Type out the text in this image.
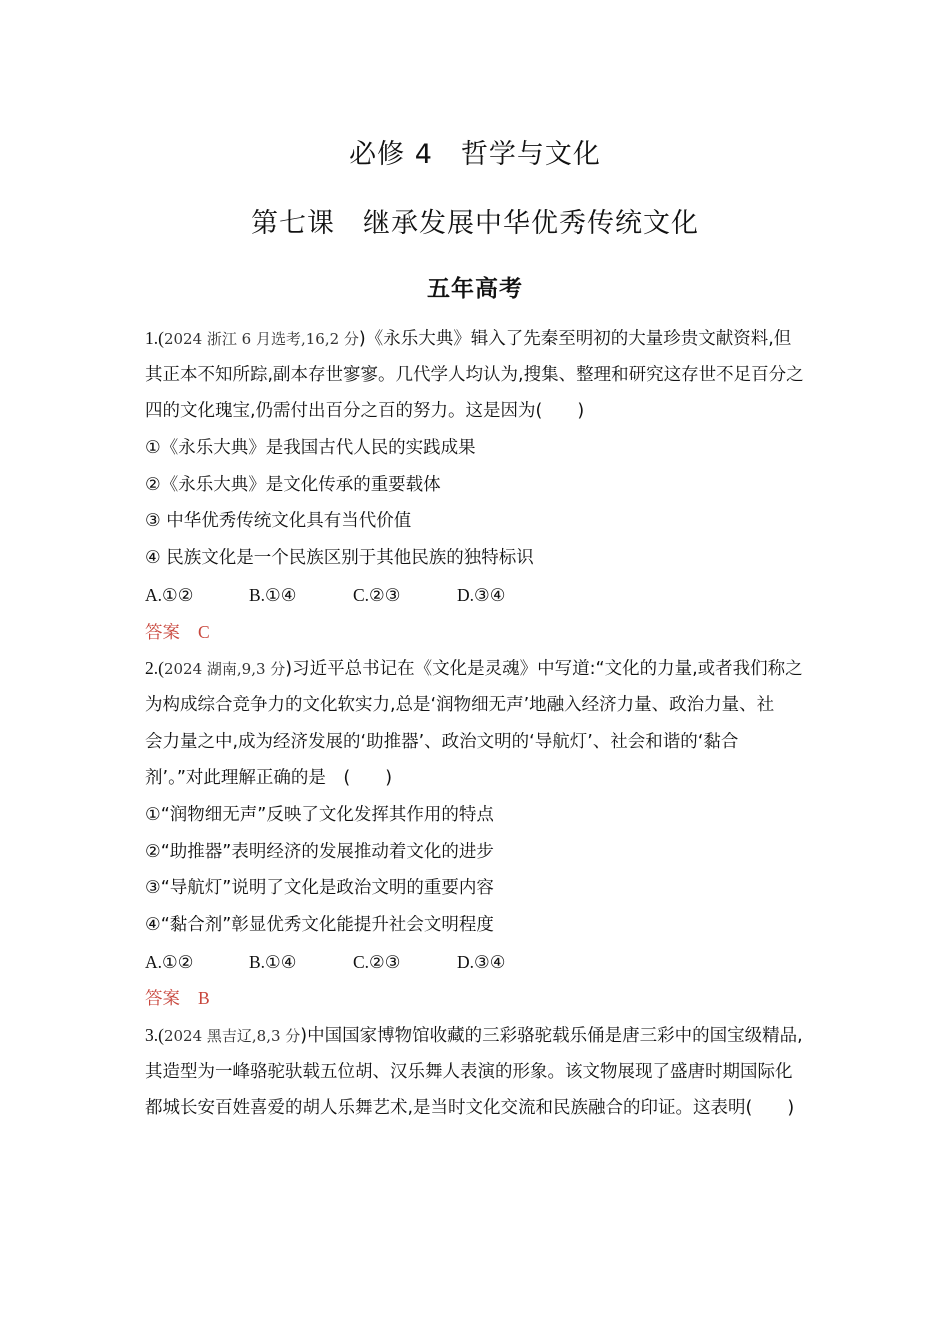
必修 4　哲学与文化
第七课　继承发展中华优秀传统文化
五年高考
1.(2024 浙江 6 月选考,16,2 分)《永乐大典》辑入了先秦至明初的大量珍贵文献资料,但
其正本不知所踪,副本存世寥寥。几代学人均认为,搜集、整理和研究这存世不足百分之
四的文化瑰宝,仍需付出百分之百的努力。这是因为(　　)
①《永乐大典》是我国古代人民的实践成果
②《永乐大典》是文化传承的重要载体
③ 中华优秀传统文化具有当代价值
④ 民族文化是一个民族区别于其他民族的独特标识
A.①②	B.①④	C.②③	D.③④
答案 C
2.(2024 湖南,9,3 分)习近平总书记在《文化是灵魂》中写道:“文化的力量,或者我们称之
为构成综合竞争力的文化软实力,总是‘润物细无声’地融入经济力量、政治力量、社
会力量之中,成为经济发展的‘助推器’、政治文明的‘导航灯’、社会和谐的‘黏合
剂’。”对此理解正确的是　(　　)
①“润物细无声”反映了文化发挥其作用的特点
②“助推器”表明经济的发展推动着文化的进步
③“导航灯”说明了文化是政治文明的重要内容
④“黏合剂”彰显优秀文化能提升社会文明程度
A.①②	B.①④	C.②③	D.③④
答案 B
3.(2024 黑吉辽,8,3 分)中国国家博物馆收藏的三彩骆驼载乐俑是唐三彩中的国宝级精品,
其造型为一峰骆驼驮载五位胡、汉乐舞人表演的形象。该文物展现了盛唐时期国际化
都城长安百姓喜爱的胡人乐舞艺术,是当时文化交流和民族融合的印证。这表明(　　)
